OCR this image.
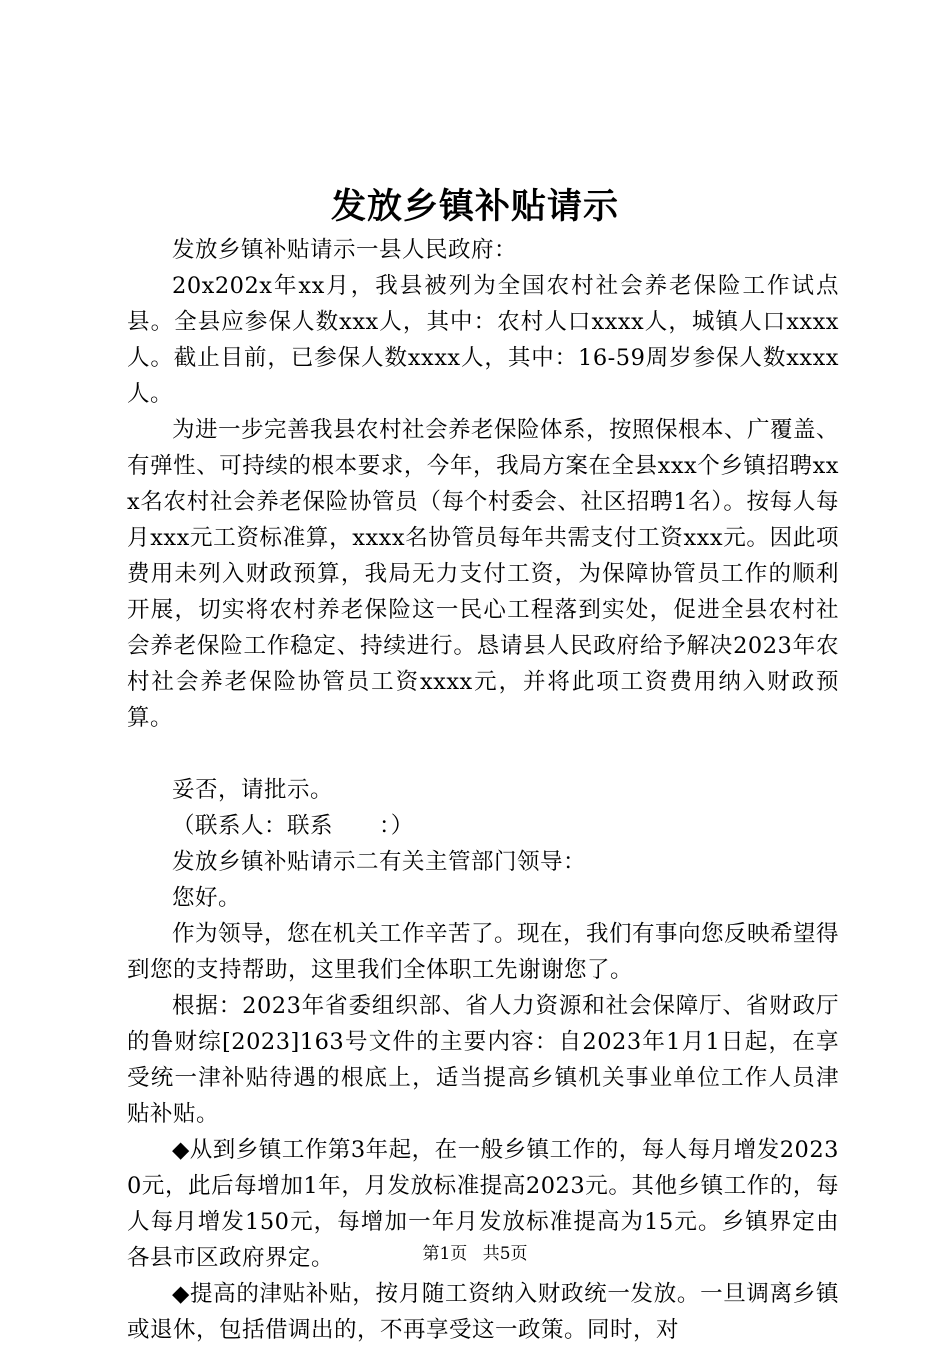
发放乡镇补贴请示

发放乡镇补贴请示一县人民政府：

20x202x年xx月，我县被列为全国农村社会养老保险工作试点县。全县应参保人数xxx人，其中：农村人口xxxx人，城镇人口xxxx人。截止目前，已参保人数xxxx人，其中：16-59周岁参保人数xxxx人。

为进一步完善我县农村社会养老保险体系，按照保根本、广覆盖、有弹性、可持续的根本要求，今年，我局方案在全县xxx个乡镇招聘xxx名农村社会养老保险协管员（每个村委会、社区招聘1名）。按每人每月xxx元工资标准算，xxxx名协管员每年共需支付工资xxx元。因此项费用未列入财政预算，我局无力支付工资，为保障协管员工作的顺利开展，切实将农村养老保险这一民心工程落到实处，促进全县农村社会养老保险工作稳定、持续进行。恳请县人民政府给予解决2023年农村社会养老保险协管员工资xxxx元，并将此项工资费用纳入财政预算。

妥否，请批示。

（联系人：联系　　：）

发放乡镇补贴请示二有关主管部门领导：

您好。

作为领导，您在机关工作辛苦了。现在，我们有事向您反映希望得到您的支持帮助，这里我们全体职工先谢谢您了。

根据：2023年省委组织部、省人力资源和社会保障厅、省财政厅的鲁财综[2023]163号文件的主要内容：自2023年1月1日起，在享受统一津补贴待遇的根底上，适当提高乡镇机关事业单位工作人员津贴补贴。

◆从到乡镇工作第3年起，在一般乡镇工作的，每人每月增发20230元，此后每增加1年，月发放标准提高2023元。其他乡镇工作的，每人每月增发150元，每增加一年月发放标准提高为15元。乡镇界定由各县市区政府界定。

◆提高的津贴补贴，按月随工资纳入财政统一发放。一旦调离乡镇或退休，包括借调出的，不再享受这一政策。同时，对

第1页 共5页
